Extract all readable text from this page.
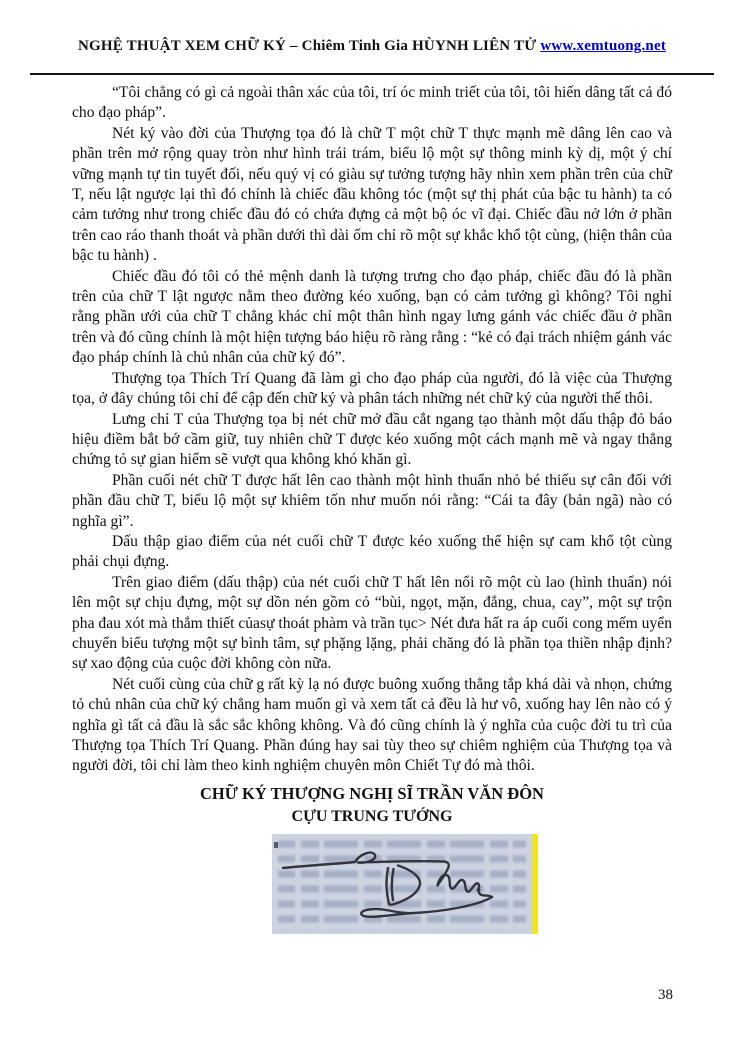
NGHỆ THUẬT XEM CHỮ KÝ – Chiêm Tinh Gia HÙYNH LIÊN TỬ www.xemtuong.net

“Tôi chẳng có gì cả ngoài thân xác của tôi, trí óc minh triết của tôi, tôi hiến dâng tất cả đó cho đạo pháp”.

Nét ký vào đời của Thượng tọa đó là chữ T một chữ T thực mạnh mẽ dâng lên cao và phần trên mở rộng quay tròn như hình trái trám, biểu lộ một sự thông minh kỳ dị, một ý chí vững mạnh tự tin tuyết đối, nếu quý vị có giàu sự tưởng tượng hãy nhìn xem phần trên của chữ T, nếu lật ngược lại thì đó chính là chiếc đầu không tóc (một sự thị phát của bậc tu hành) ta có cảm tưởng như trong chiếc đầu đó có chứa đựng cả một bộ óc vĩ đại. Chiếc đầu nở lớn ở phần trên cao ráo thanh thoát và phần dưới thì dài ốm chỉ rõ một sự khắc khổ tột cùng, (hiện thân của bậc tu hành) .

Chiếc đầu đó tôi có thẻ mệnh danh là tượng trưng cho đạo pháp, chiếc đầu đó là phần trên của chữ T lật ngược nằm theo đường kéo xuống, bạn có cảm tưởng gì không? Tôi nghỉ rằng phần ưới của chữ T chẳng khác chỉ một thân hình ngay lưng gánh vác chiếc đầu ở phần trên và đó cũng chính là một hiện tượng báo hiệu rõ ràng rằng : “kẻ có đại trách nhiệm gánh vác đạo pháp chính là chủ nhân của chữ ký đó”.

Thượng tọa Thích Trí Quang đã làm gì cho đạo pháp của người, đó là việc của Thượng tọa, ở đây chúng tôi chỉ để cập đến chữ ký và phân tách những nét chữ ký của người thế thôi.

Lưng chỉ T của Thượng tọa bị nét chữ mở đầu cắt ngang tạo thành một dấu thập đỏ báo hiệu điềm bắt bớ cầm giữ, tuy nhiên chữ T được kéo xuống một cách mạnh mẽ và ngay thẳng chứng tỏ sự gian hiểm sẽ vượt qua không khó khăn gì.

Phần cuối nét chữ T được hất lên cao thành một hình thuẩn nhỏ bé thiếu sự cân đối với phần đầu chữ T, biểu lộ một sự khiêm tốn như muốn nói rằng: “Cái ta đây (bản ngã) nào có nghĩa gì”.

Dấu thập giao điểm của nét cuối chữ T được kéo xuống thể hiện sự cam khổ tột cùng phải chụi đựng.

Trên giao điểm (dấu thập) của nét cuối chữ T hất lên nổi rõ một cù lao (hình thuẩn) nói lên một sự chịu đựng, một sự dồn nén gồm cỏ “bùi, ngọt, mặn, đắng, chua, cay”, một sự trộn pha đau xót mà thắm thiết củasự thoát phàm và trần tục> Nét đưa hất ra áp cuối cong mếm uyển chuyển biểu tượng một sự bình tâm, sự phặng lặng, phải chăng đó là phần tọa thiền nhập định? sự xao động của cuộc đời không còn nữa.

Nét cuối cùng của chữ g rất kỳ lạ nó được buông xuống thẳng tắp khá dài và nhọn, chứng tỏ chủ nhân của chữ ký chẳng ham muốn gì và xem tất cả đều là hư vô, xuống hay lên nào có ý nghĩa gì tất cả đầu là sắc sắc không không. Và đó cũng chính là ý nghĩa của cuộc đời tu trì của Thượng tọa Thích Trí Quang. Phần đúng hay sai tùy theo sự chiêm nghiệm của Thượng tọa và người đời, tôi chỉ làm theo kinh nghiệm chuyên môn Chiết Tự đó mà thôi.

CHỮ KÝ THƯỢNG NGHỊ SĨ TRẦN VĂN ĐÔN

CỰU TRUNG TƯỚNG

38
